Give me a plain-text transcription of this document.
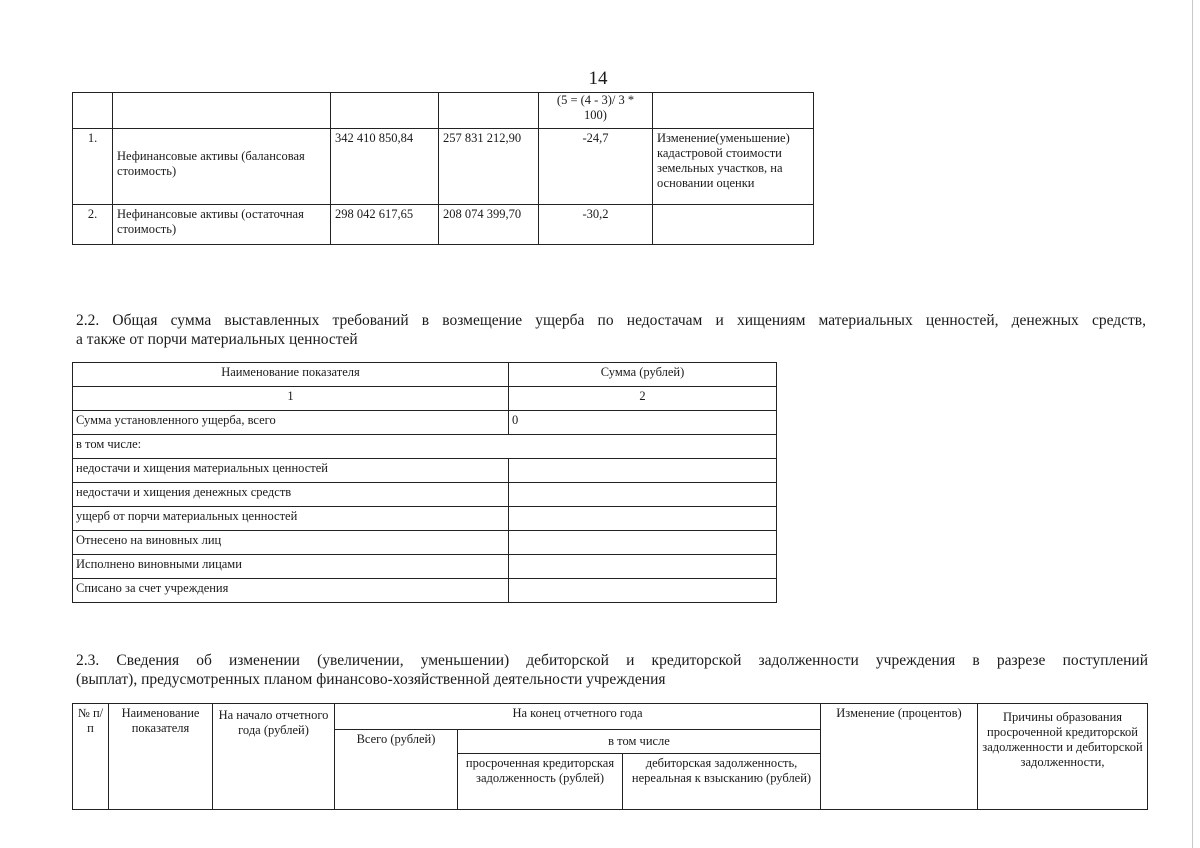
14
				(5 = (4 - 3)/ 3 * 100)	
1.	Нефинансовые активы (балансовая стоимость)	342 410 850,84	257 831 212,90	-24,7	Изменение(уменьшение) кадастровой стоимости земельных участков, на основании оценки
2.	Нефинансовые активы (остаточная стоимость)	298 042 617,65	208 074 399,70	-30,2	
2.2. Общая сумма выставленных требований в возмещение ущерба по недостачам и хищениям материальных ценностей, денежных средств,
а также от порчи материальных ценностей
Наименование показателя	Сумма (рублей)
1	2
Сумма установленного ущерба, всего	0
в том числе:	
недостачи и хищения материальных ценностей	
недостачи и хищения денежных средств	
ущерб от порчи материальных ценностей	
Отнесено на виновных лиц	
Исполнено виновными лицами	
Списано за счет учреждения	
2.3. Сведения об изменении (увеличении, уменьшении) дебиторской и кредиторской задолженности учреждения в разрезе поступлений
(выплат), предусмотренных планом финансово-хозяйственной деятельности учреждения
№ п/п	Наименование показателя	На начало отчетного года (рублей)	На конец отчетного года			Изменение (процентов)	Причины образования просроченной кредиторской задолженности и дебиторской задолженности,
			Всего (рублей)	в том числе			
				просроченная кредиторская задолженность (рублей)	дебиторская задолженность, нереальная к взысканию (рублей)		
